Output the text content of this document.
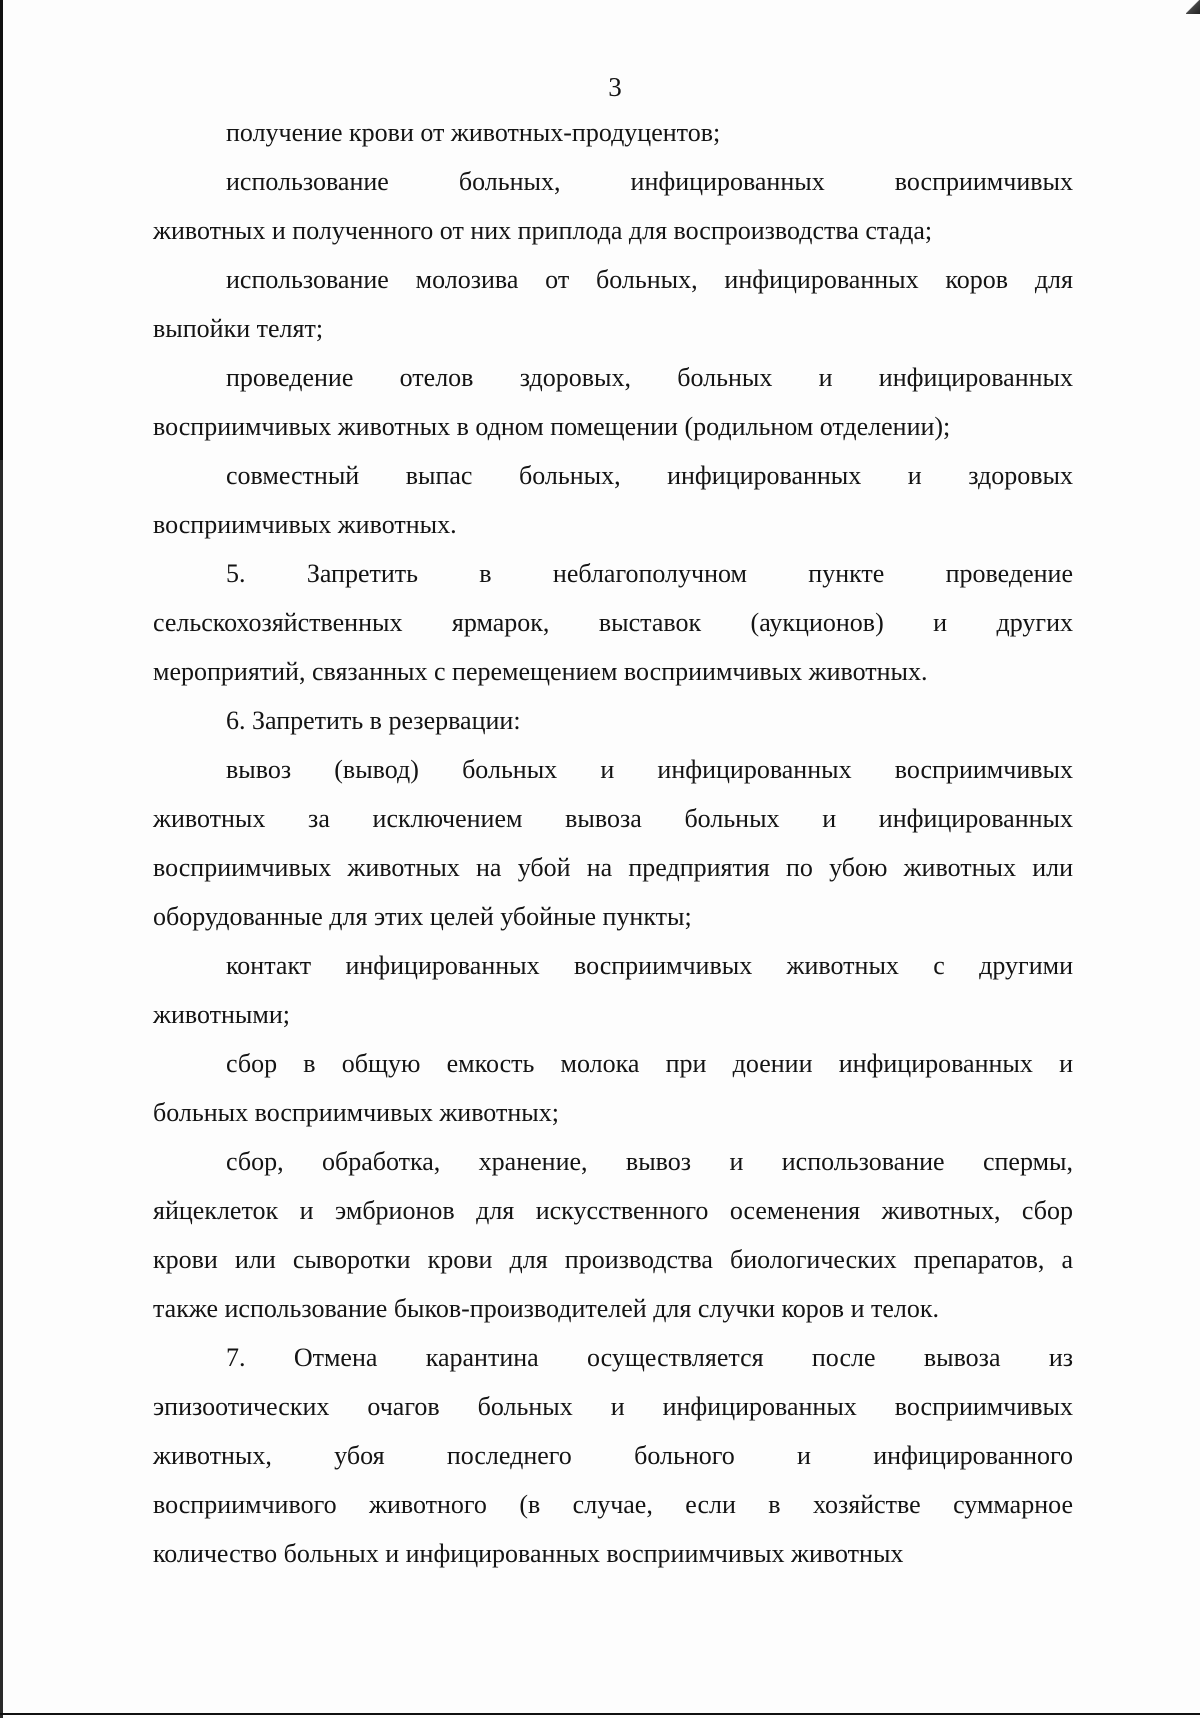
3
получение крови от животных-продуцентов;
использование больных, инфицированных восприимчивых
животных и полученного от них приплода для воспроизводства стада;
использование молозива от больных, инфицированных коров для
выпойки телят;
проведение отелов здоровых, больных и инфицированных
восприимчивых животных в одном помещении (родильном отделении);
совместный выпас больных, инфицированных и здоровых
восприимчивых животных.
5. Запретить в неблагополучном пункте проведение
сельскохозяйственных ярмарок, выставок (аукционов) и других
мероприятий, связанных с перемещением восприимчивых животных.
6. Запретить в резервации:
вывоз (вывод) больных и инфицированных восприимчивых
животных за исключением вывоза больных и инфицированных
восприимчивых животных на убой на предприятия по убою животных или
оборудованные для этих целей убойные пункты;
контакт инфицированных восприимчивых животных с другими
животными;
сбор в общую емкость молока при доении инфицированных и
больных восприимчивых животных;
сбор, обработка, хранение, вывоз и использование спермы,
яйцеклеток и эмбрионов для искусственного осеменения животных, сбор
крови или сыворотки крови для производства биологических препаратов, а
также использование быков-производителей для случки коров и телок.
7. Отмена карантина осуществляется после вывоза из
эпизоотических очагов больных и инфицированных восприимчивых
животных, убоя последнего больного и инфицированного
восприимчивого животного (в случае, если в хозяйстве суммарное
количество больных и инфицированных восприимчивых животных
